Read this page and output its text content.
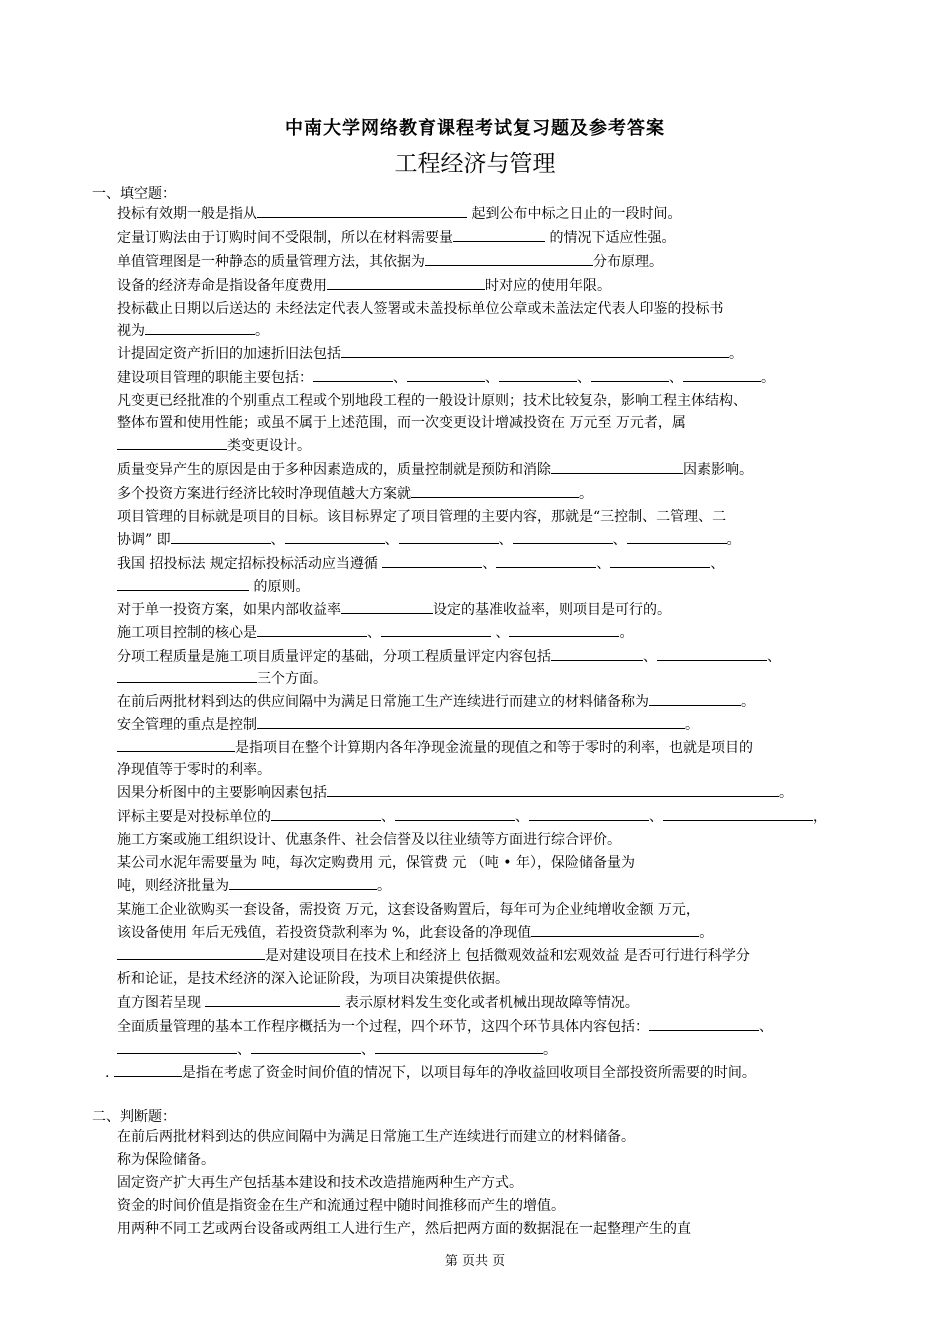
中南大学网络教育课程考试复习题及参考答案
工程经济与管理
一、填空题：
投标有效期一般是指从	起到公布中标之日止的一段时间。
定量订购法由于订购时间不受限制，所以在材料需要量	的情况下适应性强。
单值管理图是一种静态的质量管理方法，其依据为	分布原理。
设备的经济寿命是指设备年度费用	时对应的使用年限。
投标截止日期以后送达的 未经法定代表人签署或未盖投标单位公章或未盖法定代表人印鉴的投标书
视为	。
计提固定资产折旧的加速折旧法包括	。
建设项目管理的职能主要包括：	、	、	、	、	。
凡变更已经批准的个别重点工程或个别地段工程的一般设计原则；技术比较复杂，影响工程主体结构、
整体布置和使用性能；或虽不属于上述范围，而一次变更设计增减投资在 万元至 万元者，属
类变更设计。
质量变异产生的原因是由于多种因素造成的，质量控制就是预防和消除	因素影响。
多个投资方案进行经济比较时净现值越大方案就	。
项目管理的目标就是项目的目标。该目标界定了项目管理的主要内容，那就是“三控制、二管理、二
协调” 即	、	、	、	、	。
我国 招投标法 规定招标投标活动应当遵循	、	、	、
的原则。
对于单一投资方案，如果内部收益率	设定的基准收益率，则项目是可行的。
施工项目控制的核心是	、	、	。
分项工程质量是施工项目质量评定的基础，分项工程质量评定内容包括	、	、
三个方面。
在前后两批材料到达的供应间隔中为满足日常施工生产连续进行而建立的材料储备称为	。
安全管理的重点是控制	。
是指项目在整个计算期内各年净现金流量的现值之和等于零时的利率，也就是项目的
净现值等于零时的利率。
因果分析图中的主要影响因素包括	。
评标主要是对投标单位的	、	、	、	，
施工方案或施工组织设计、优惠条件、社会信誉及以往业绩等方面进行综合评价。
某公司水泥年需要量为 吨，每次定购费用 元，保管费 元 （吨 • 年），保险储备量为
吨，则经济批量为	。
某施工企业欲购买一套设备，需投资 万元，这套设备购置后，每年可为企业纯增收金额 万元，
该设备使用 年后无残值，若投资贷款利率为 %，此套设备的净现值	。
是对建设项目在技术上和经济上 包括微观效益和宏观效益 是否可行进行科学分
析和论证，是技术经济的深入论证阶段，为项目决策提供依据。
直方图若呈现	表示原材料发生变化或者机械出现故障等情况。
全面质量管理的基本工作程序概括为一个过程，四个环节，这四个环节具体内容包括：	、
、	、	。
.	是指在考虑了资金时间价值的情况下，以项目每年的净收益回收项目全部投资所需要的时间。
二、判断题：
在前后两批材料到达的供应间隔中为满足日常施工生产连续进行而建立的材料储备。
称为保险储备。
固定资产扩大再生产包括基本建设和技术改造措施两种生产方式。
资金的时间价值是指资金在生产和流通过程中随时间推移而产生的增值。
用两种不同工艺或两台设备或两组工人进行生产，然后把两方面的数据混在一起整理产生的直
第 页共 页
